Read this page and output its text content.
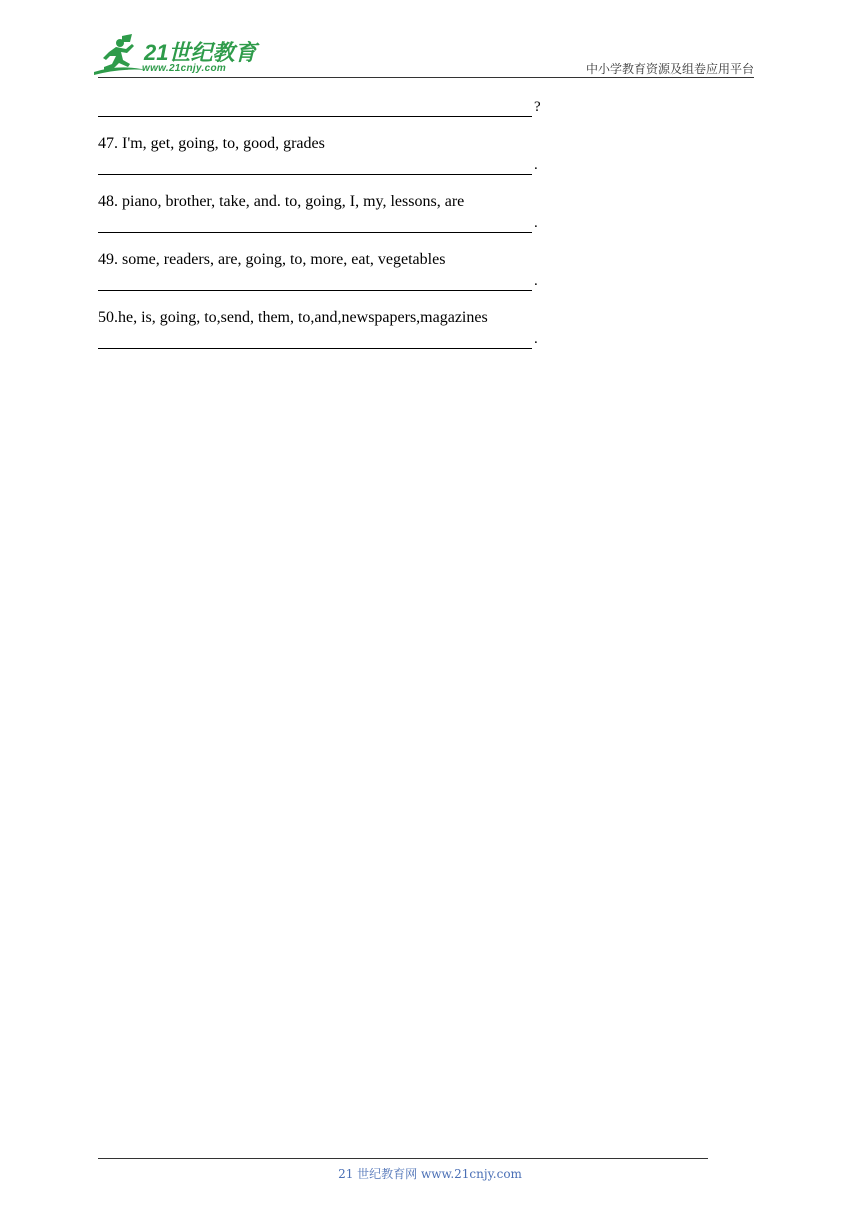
21世纪教育
www.21cnjy.com	中小学教育资源及组卷应用平台
?
47. I'm, get, going, to, good, grades
.
48. piano, brother, take, and. to, going, I, my, lessons, are
.
49. some, readers, are, going, to, more, eat, vegetables
.
50.he, is, going, to,send, them, to,and,newspapers,magazines
.
21 世纪教育网 www.21cnjy.com
